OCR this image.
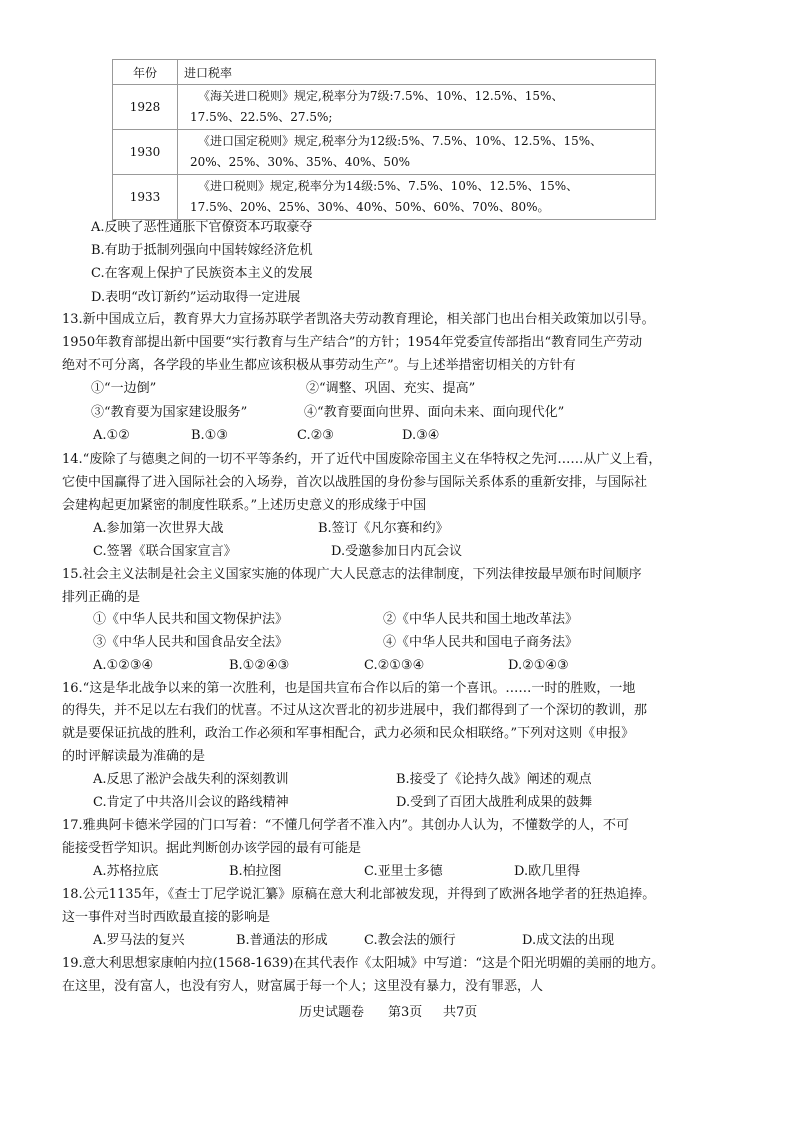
年份	进口税率
1928	《海关进口税则》规定,税率分为7级:7.5%、10%、12.5%、15%、
17.5%、22.5%、27.5%;

1930	《进口国定税则》规定,税率分为12级:5%、7.5%、10%、12.5%、15%、
20%、25%、30%、35%、40%、50%

1933	《进口税则》规定,税率分为14级:5%、7.5%、10%、12.5%、15%、
17.5%、20%、25%、30%、40%、50%、60%、70%、80%。
A.反映了恶性通胀下官僚资本巧取豪夺
B.有助于抵制列强向中国转嫁经济危机
C.在客观上保护了民族资本主义的发展
D.表明“改订新约”运动取得一定进展
13.新中国成立后，教育界大力宣扬苏联学者凯洛夫劳动教育理论，相关部门也出台相关政策加以引导。
1950年教育部提出新中国要“实行教育与生产结合”的方针；1954年党委宣传部指出“教育同生产劳动
绝对不可分离，各学段的毕业生都应该积极从事劳动生产”。与上述举措密切相关的方针有
①“一边倒”	②“调整、巩固、充实、提高”
③“教育要为国家建设服务”	④“教育要面向世界、面向未来、面向现代化”
A.①②	B.①③	C.②③	D.③④
14.“废除了与德奥之间的一切不平等条约，开了近代中国废除帝国主义在华特权之先河……从广义上看，
它使中国赢得了进入国际社会的入场券，首次以战胜国的身份参与国际关系体系的重新安排，与国际社
会建构起更加紧密的制度性联系。”上述历史意义的形成缘于中国
A.参加第一次世界大战	B.签订《凡尔赛和约》
C.签署《联合国家宣言》	D.受邀参加日内瓦会议
15.社会主义法制是社会主义国家实施的体现广大人民意志的法律制度，下列法律按最早颁布时间顺序
排列正确的是
①《中华人民共和国文物保护法》	②《中华人民共和国土地改革法》
③《中华人民共和国食品安全法》	④《中华人民共和国电子商务法》
A.①②③④	B.①②④③	C.②①③④	D.②①④③
16.“这是华北战争以来的第一次胜利，也是国共宣布合作以后的第一个喜讯。……一时的胜败，一地
的得失，并不足以左右我们的忧喜。不过从这次晋北的初步进展中，我们都得到了一个深切的教训，那
就是要保证抗战的胜利，政治工作必须和军事相配合，武力必须和民众相联络。”下列对这则《申报》
的时评解读最为准确的是
A.反思了淞沪会战失利的深刻教训	B.接受了《论持久战》阐述的观点
C.肯定了中共洛川会议的路线精神	D.受到了百团大战胜利成果的鼓舞
17.雅典阿卡德米学园的门口写着：“不懂几何学者不准入内”。其创办人认为，不懂数学的人，不可
能接受哲学知识。据此判断创办该学园的最有可能是
A.苏格拉底	B.柏拉图	C.亚里士多德	D.欧几里得
18.公元1135年，《查士丁尼学说汇纂》原稿在意大利北部被发现，并得到了欧洲各地学者的狂热追捧。
这一事件对当时西欧最直接的影响是
A.罗马法的复兴	B.普通法的形成	C.教会法的颁行	D.成文法的出现
19.意大利思想家康帕内拉(1568-1639)在其代表作《太阳城》中写道：“这是个阳光明媚的美丽的地方。
在这里，没有富人，也没有穷人，财富属于每一个人；这里没有暴力，没有罪恶，人
历史试题卷 第3页 共7页
